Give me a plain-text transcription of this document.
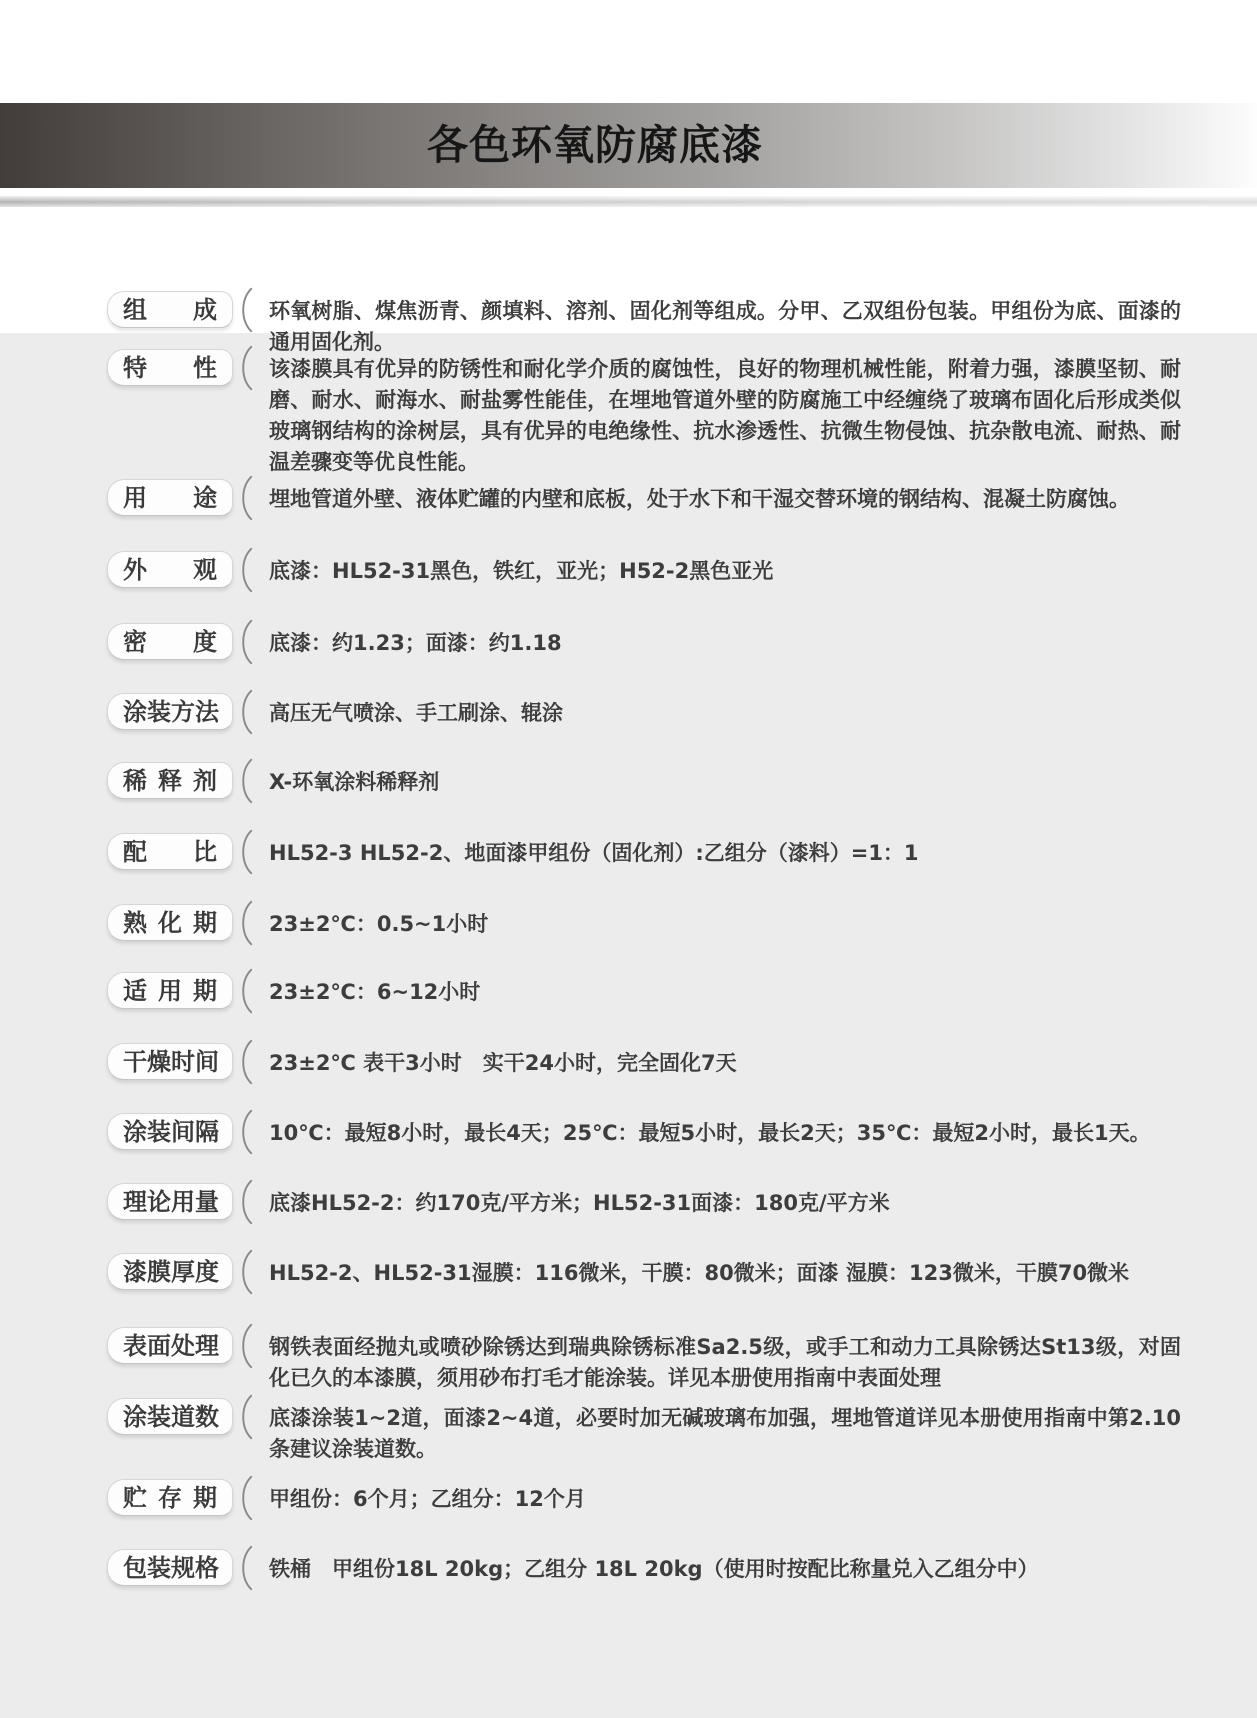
各色环氧防腐底漆
组 成 环氧树脂、煤焦沥青、颜填料、溶剂、固化剂等组成。分甲、乙双组份包装。甲组份为底、面漆的通用固化剂。
特 性 该漆膜具有优异的防锈性和耐化学介质的腐蚀性，良好的物理机械性能，附着力强，漆膜坚韧、耐磨、耐水、耐海水、耐盐雾性能佳，在埋地管道外壁的防腐施工中经缠绕了玻璃布固化后形成类似玻璃钢结构的涂树层，具有优异的电绝缘性、抗水渗透性、抗微生物侵蚀、抗杂散电流、耐热、耐温差骤变等优良性能。
用 途 埋地管道外壁、液体贮罐的内壁和底板，处于水下和干湿交替环境的钢结构、混凝土防腐蚀。
外 观 底漆：HL52-31黑色，铁红，亚光；H52-2黑色亚光
密 度 底漆：约1.23；面漆：约1.18
涂 装 方 法 高压无气喷涂、手工刷涂、辊涂
稀 释 剂 X-环氧涂料稀释剂
配 比 HL52-3 HL52-2、地面漆甲组份（固化剂）:乙组分（漆料）=1：1
熟 化 期 23±2℃：0.5~1小时
适 用 期 23±2℃：6~12小时
干 燥 时 间 23±2℃ 表干3小时　实干24小时，完全固化7天
涂 装 间 隔 10℃：最短8小时，最长4天；25℃：最短5小时，最长2天；35℃：最短2小时，最长1天。
理 论 用 量 底漆HL52-2：约170克/平方米；HL52-31面漆：180克/平方米
漆 膜 厚 度 HL52-2、HL52-31湿膜：116微米，干膜：80微米；面漆 湿膜：123微米，干膜70微米
表 面 处 理 钢铁表面经抛丸或喷砂除锈达到瑞典除锈标准Sa2.5级，或手工和动力工具除锈达St13级，对固化已久的本漆膜，须用砂布打毛才能涂装。详见本册使用指南中表面处理
涂 装 道 数 底漆涂装1~2道，面漆2~4道，必要时加无碱玻璃布加强，埋地管道详见本册使用指南中第2.10条建议涂装道数。
贮 存 期 甲组份：6个月；乙组分：12个月
包 装 规 格 铁桶　甲组份18L 20kg；乙组分 18L 20kg（使用时按配比称量兑入乙组分中）
